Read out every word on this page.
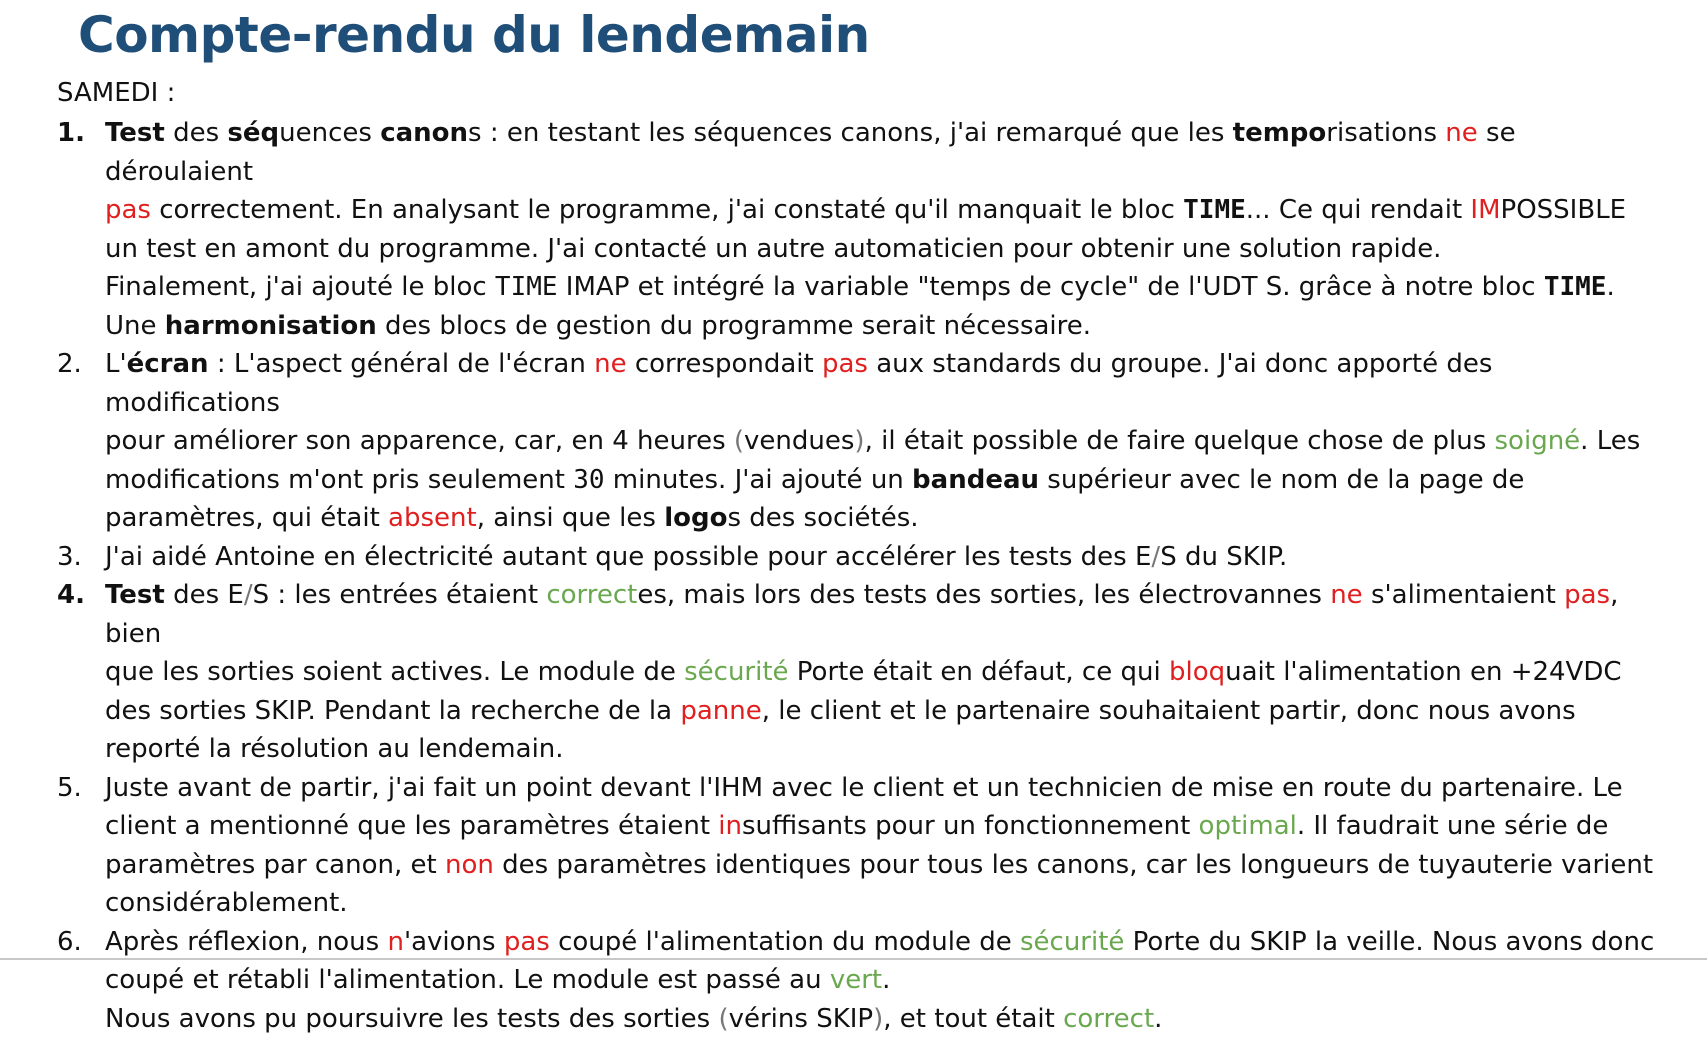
Compte-rendu du lendemain
SAMEDI :
1. Test des séquences canons : en testant les séquences canons, j'ai remarqué que les temporisations ne se déroulaient
pas correctement. En analysant le programme, j'ai constaté qu'il manquait le bloc TIME... Ce qui rendait IMPOSSIBLE
un test en amont du programme. J'ai contacté un autre automaticien pour obtenir une solution rapide.
Finalement, j'ai ajouté le bloc TIME IMAP et intégré la variable "temps de cycle" de l'UDT S. grâce à notre bloc TIME.
Une harmonisation des blocs de gestion du programme serait nécessaire.
2. L'écran : L'aspect général de l'écran ne correspondait pas aux standards du groupe. J'ai donc apporté des modifications
pour améliorer son apparence, car, en 4 heures (vendues), il était possible de faire quelque chose de plus soigné. Les
modifications m'ont pris seulement 30 minutes. J'ai ajouté un bandeau supérieur avec le nom de la page de
paramètres, qui était absent, ainsi que les logos des sociétés.
3. J'ai aidé Antoine en électricité autant que possible pour accélérer les tests des E/S du SKIP.
4. Test des E/S : les entrées étaient correctes, mais lors des tests des sorties, les électrovannes ne s'alimentaient pas, bien
que les sorties soient actives. Le module de sécurité Porte était en défaut, ce qui bloquait l'alimentation en +24VDC
des sorties SKIP. Pendant la recherche de la panne, le client et le partenaire souhaitaient partir, donc nous avons
reporté la résolution au lendemain.
5. Juste avant de partir, j'ai fait un point devant l'IHM avec le client et un technicien de mise en route du partenaire. Le
client a mentionné que les paramètres étaient insuffisants pour un fonctionnement optimal. Il faudrait une série de
paramètres par canon, et non des paramètres identiques pour tous les canons, car les longueurs de tuyauterie varient
considérablement.
6. Après réflexion, nous n'avions pas coupé l'alimentation du module de sécurité Porte du SKIP la veille. Nous avons donc
coupé et rétabli l'alimentation. Le module est passé au vert.
Nous avons pu poursuivre les tests des sorties (vérins SKIP), et tout était correct.
